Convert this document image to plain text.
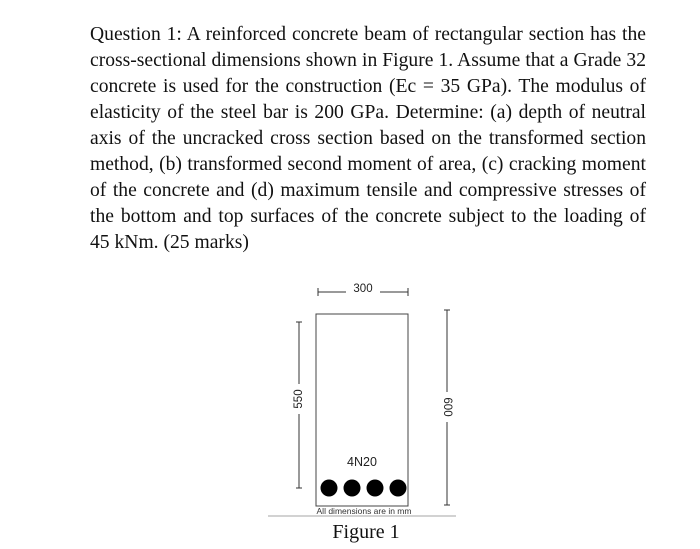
Question 1: A reinforced concrete beam of rectangular section has the cross-sectional dimensions shown in Figure 1. Assume that a Grade 32 concrete is used for the construction (Ec = 35 GPa). The modulus of elasticity of the steel bar is 200 GPa. Determine: (a) depth of neutral axis of the uncracked cross section based on the transformed section method, (b) transformed second moment of area, (c) cracking moment of the concrete and (d) maximum tensile and compressive stresses of the bottom and top surfaces of the concrete subject to the loading of 45 kNm. (25 marks)

300
550	600
4N20
All dimensions are in mm
Figure 1
